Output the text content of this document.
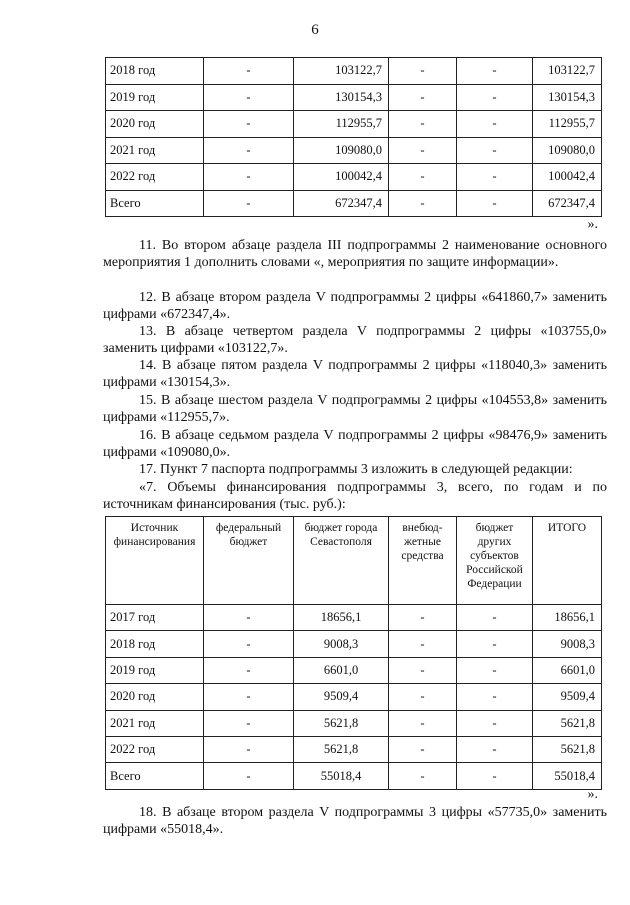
6
2018 год	-	103122,7	-	-	103122,7
2019 год	-	130154,3	-	-	130154,3
2020 год	-	112955,7	-	-	112955,7
2021 год	-	109080,0	-	-	109080,0
2022 год	-	100042,4	-	-	100042,4
Всего	-	672347,4	-	-	672347,4
».

11. Во втором абзаце раздела III подпрограммы 2 наименование основного мероприятия 1 дополнить словами «, мероприятия по защите информации».

12. В абзаце втором раздела V подпрограммы 2 цифры «641860,7» заменить цифрами «672347,4».

13. В абзаце четвертом раздела V подпрограммы 2 цифры «103755,0» заменить цифрами «103122,7».

14. В абзаце пятом раздела V подпрограммы 2 цифры «118040,3» заменить цифрами «130154,3».

15. В абзаце шестом раздела V подпрограммы 2 цифры «104553,8» заменить цифрами «112955,7».

16. В абзаце седьмом раздела V подпрограммы 2 цифры «98476,9» заменить цифрами «109080,0».

17. Пункт 7 паспорта подпрограммы 3 изложить в следующей редакции:

«7. Объемы финансирования подпрограммы 3, всего, по годам и по источникам финансирования (тыс. руб.):

Источник финансирования	федеральный бюджет	бюджет города Севастополя	внебюд-жетные средства	бюджет других субъектов Российской Федерации	ИТОГО
2017 год	-	18656,1	-	-	18656,1
2018 год	-	9008,3	-	-	9008,3
2019 год	-	6601,0	-	-	6601,0
2020 год	-	9509,4	-	-	9509,4
2021 год	-	5621,8	-	-	5621,8
2022 год	-	5621,8	-	-	5621,8
Всего	-	55018,4	-	-	55018,4
».

18. В абзаце втором раздела V подпрограммы 3 цифры «57735,0» заменить цифрами «55018,4».
